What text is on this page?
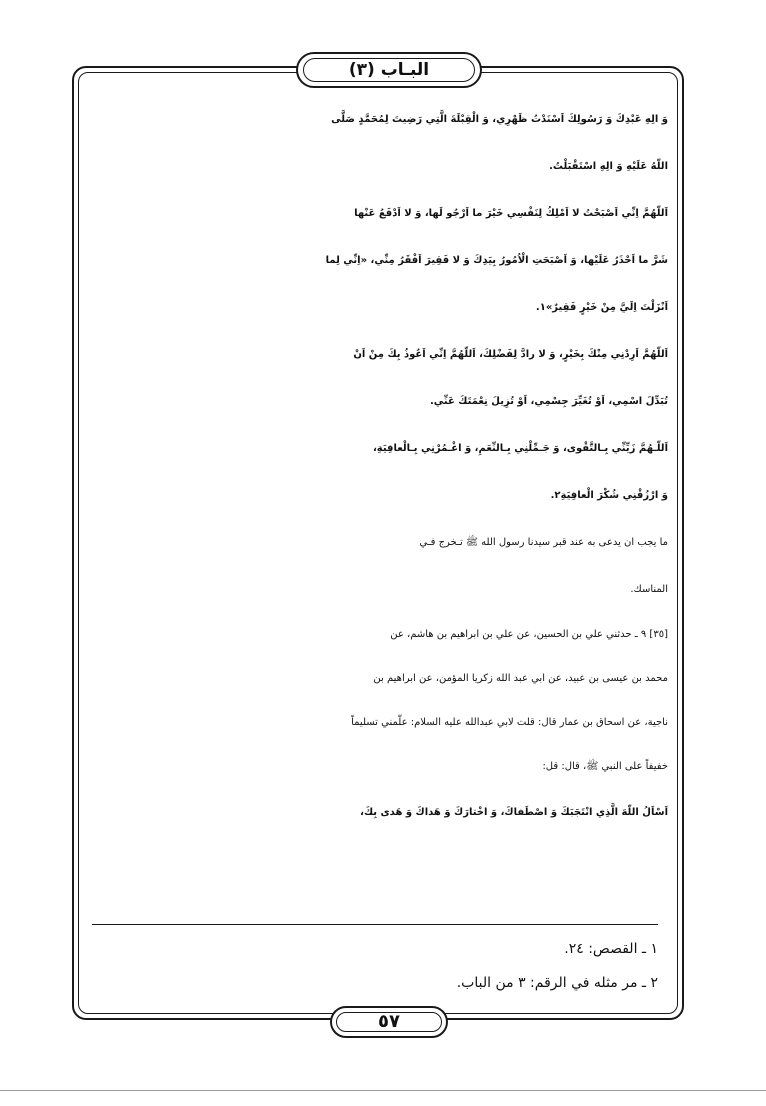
البـاب (٣)
وَ الِهِ عَبْدِكَ وَ رَسُولِكَ اَسْنَدْتُ ظَهْرِي، وَ الْقِبْلَةَ الَّتِي رَضِيتَ لِمُحَمَّدٍ صَلَّى
اللّهُ عَلَيْهِ وَ الِهِ اسْتَقْبَلْتُ.
اَللّهُمَّ اِنِّي اَصْبَحْتُ لا اَمْلِكُ لِنَفْسِي خَيْرَ ما اَرْجُو لَها، وَ لا اَدْفَعُ عَنْها
شَرَّ ما اَحْذَرُ عَلَيْها، وَ اَصْبَحَتِ الْاُمُورُ بِيَدِكَ وَ لا فَقِيرَ اَفْقَرُ مِنِّي، «اِنِّي لِما
اَنْزَلْتَ اِلَيَّ مِنْ خَيْرٍ فَقِيرٌ»١.
اَللّهُمَّ اَرِدْنِي مِنْكَ بِخَيْرٍ، وَ لا رادَّ لِفَضْلِكَ، اَللّهُمَّ اِنِّي اَعُوذُ بِكَ مِنْ اَنْ
تُبَدِّلَ اسْمِي، اَوْ تُغَيِّرَ جِسْمِي، اَوْ تُزِيلَ نِعْمَتَكَ عَنِّي.
اَللّـهُمَّ زَيِّنِّي بِـالتَّقْوى، وَ جَـمِّلْنِي بِـالنِّعَمِ، وَ اغْـمُرْنِي بِـالْعافِيَةِ،
وَ ارْزُقْنِي شُكْرَ الْعافِيَةِ٢.
ما يجب ان يدعى به عند قبر سيدنا رسول الله ﷺ تـخرج فـي
المناسك.
[٣٥] ٩ ـ حدثني علي بن الحسين، عن علي بن ابراهيم بن هاشم، عن
محمد بن عيسى بن عبيد، عن ابي عبد الله زكريا المؤمن، عن ابراهيم بن
ناجية، عن اسحاق بن عمار قال: قلت لابي عبدالله عليه السلام: علّمني تسليماً
خفيفاً على النبي ﷺ، قال: قل:
اَسْاَلُ اللّهَ الَّذِي انْتَجَبَكَ وَ اصْطَفاكَ، وَ اخْتارَكَ وَ هَداكَ وَ هَدى بِكَ،
١ ـ القصص: ٢٤.
٢ ـ مر مثله في الرقم: ٣ من الباب.
٥٧
